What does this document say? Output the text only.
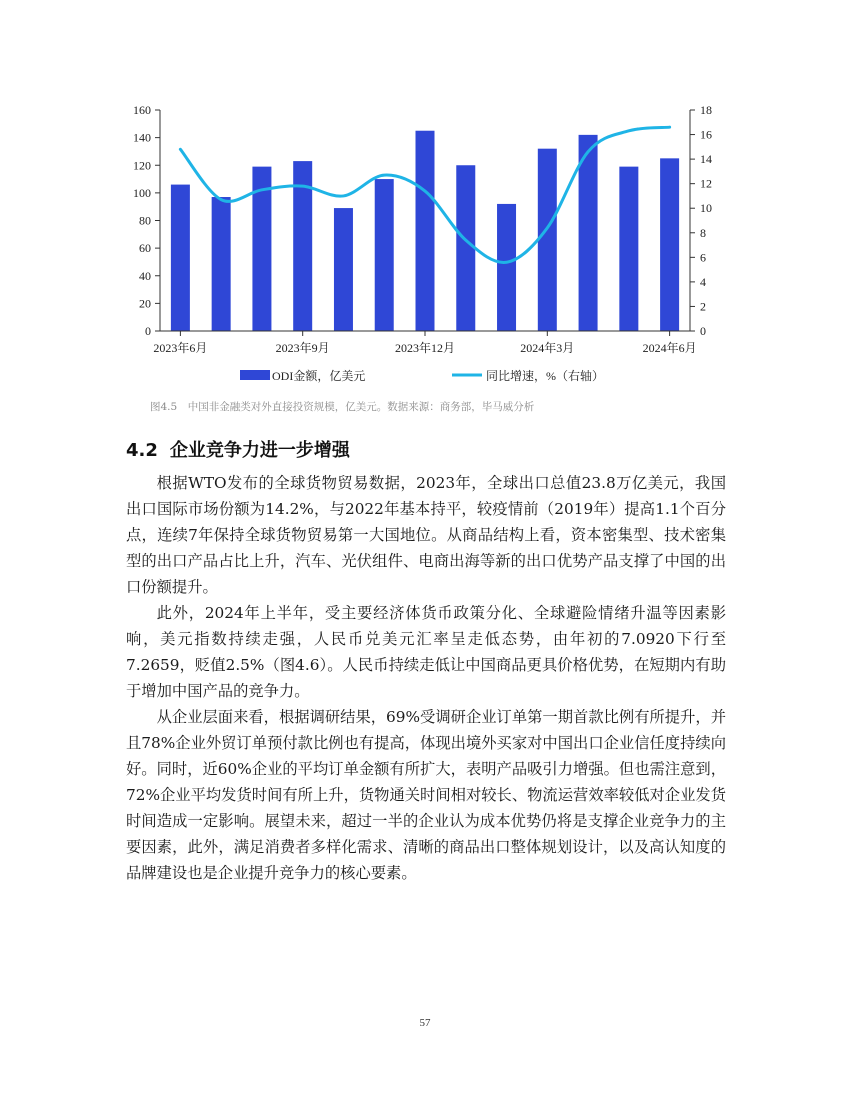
0
20
40
60
80
100
120
140
160
0
2
4
6
8
10
12
14
16
18
2023年6月	2023年9月	2023年12月	2024年3月	2024年6月
ODI金额，亿美元	同比增速，%（右轴）
图4.5　中国非金融类对外直接投资规模，亿美元。数据来源：商务部，毕马威分析
4.2 企业竞争力进一步增强

根据WTO发布的全球货物贸易数据，2023年，全球出口总值23.8万亿美元，我国出口国际市场份额为14.2%，与2022年基本持平，较疫情前（2019年）提高1.1个百分点，连续7年保持全球货物贸易第一大国地位。从商品结构上看，资本密集型、技术密集型的出口产品占比上升，汽车、光伏组件、电商出海等新的出口优势产品支撑了中国的出口份额提升。

此外，2024年上半年，受主要经济体货币政策分化、全球避险情绪升温等因素影响，美元指数持续走强，人民币兑美元汇率呈走低态势，由年初的7.0920下行至7.2659，贬值2.5%（图4.6）。人民币持续走低让中国商品更具价格优势，在短期内有助于增加中国产品的竞争力。

从企业层面来看，根据调研结果，69%受调研企业订单第一期首款比例有所提升，并且78%企业外贸订单预付款比例也有提高，体现出境外买家对中国出口企业信任度持续向好。同时，近60%企业的平均订单金额有所扩大，表明产品吸引力增强。但也需注意到，72%企业平均发货时间有所上升，货物通关时间相对较长、物流运营效率较低对企业发货时间造成一定影响。展望未来，超过一半的企业认为成本优势仍将是支撑企业竞争力的主要因素，此外，满足消费者多样化需求、清晰的商品出口整体规划设计，以及高认知度的品牌建设也是企业提升竞争力的核心要素。

57
